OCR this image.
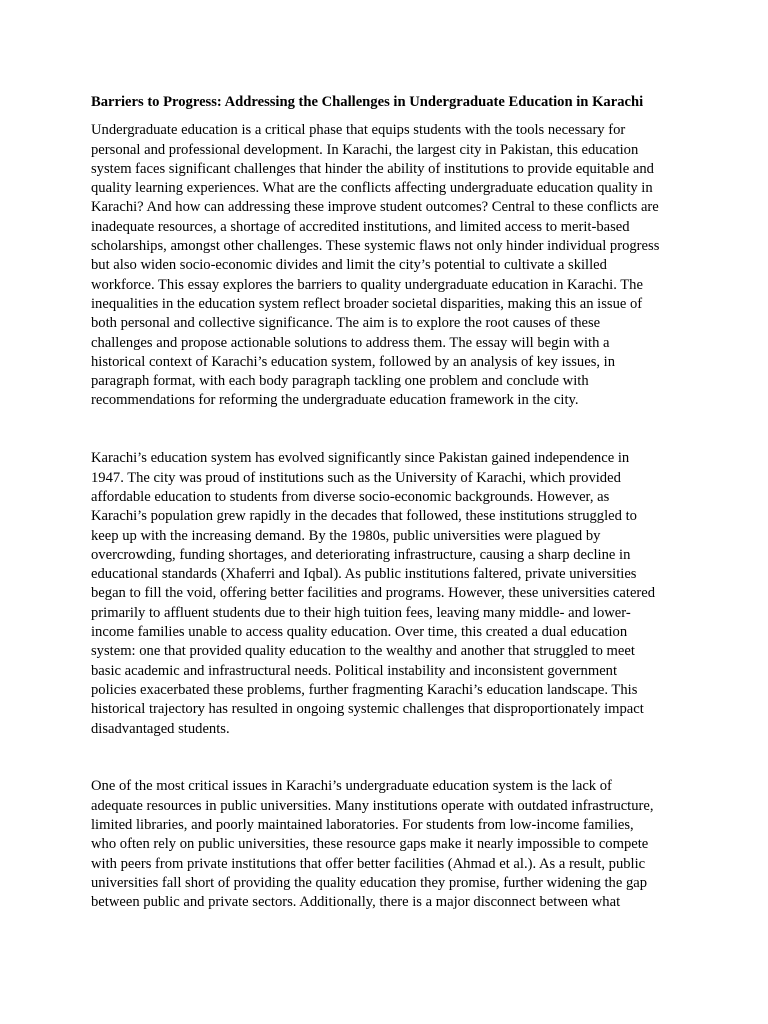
Barriers to Progress: Addressing the Challenges in Undergraduate Education in Karachi

Undergraduate education is a critical phase that equips students with the tools necessary for
personal and professional development. In Karachi, the largest city in Pakistan, this education
system faces significant challenges that hinder the ability of institutions to provide equitable and
quality learning experiences. What are the conflicts affecting undergraduate education quality in
Karachi? And how can addressing these improve student outcomes? Central to these conflicts are
inadequate resources, a shortage of accredited institutions, and limited access to merit-based
scholarships, amongst other challenges. These systemic flaws not only hinder individual progress
but also widen socio-economic divides and limit the city’s potential to cultivate a skilled
workforce. This essay explores the barriers to quality undergraduate education in Karachi. The
inequalities in the education system reflect broader societal disparities, making this an issue of
both personal and collective significance. The aim is to explore the root causes of these
challenges and propose actionable solutions to address them. The essay will begin with a
historical context of Karachi’s education system, followed by an analysis of key issues, in
paragraph format, with each body paragraph tackling one problem and conclude with
recommendations for reforming the undergraduate education framework in the city.

Karachi’s education system has evolved significantly since Pakistan gained independence in
1947. The city was proud of institutions such as the University of Karachi, which provided
affordable education to students from diverse socio-economic backgrounds. However, as
Karachi’s population grew rapidly in the decades that followed, these institutions struggled to
keep up with the increasing demand. By the 1980s, public universities were plagued by
overcrowding, funding shortages, and deteriorating infrastructure, causing a sharp decline in
educational standards (Xhaferri and Iqbal). As public institutions faltered, private universities
began to fill the void, offering better facilities and programs. However, these universities catered
primarily to affluent students due to their high tuition fees, leaving many middle- and lower-
income families unable to access quality education. Over time, this created a dual education
system: one that provided quality education to the wealthy and another that struggled to meet
basic academic and infrastructural needs. Political instability and inconsistent government
policies exacerbated these problems, further fragmenting Karachi’s education landscape. This
historical trajectory has resulted in ongoing systemic challenges that disproportionately impact
disadvantaged students.

One of the most critical issues in Karachi’s undergraduate education system is the lack of
adequate resources in public universities. Many institutions operate with outdated infrastructure,
limited libraries, and poorly maintained laboratories. For students from low-income families,
who often rely on public universities, these resource gaps make it nearly impossible to compete
with peers from private institutions that offer better facilities (Ahmad et al.). As a result, public
universities fall short of providing the quality education they promise, further widening the gap
between public and private sectors. Additionally, there is a major disconnect between what
